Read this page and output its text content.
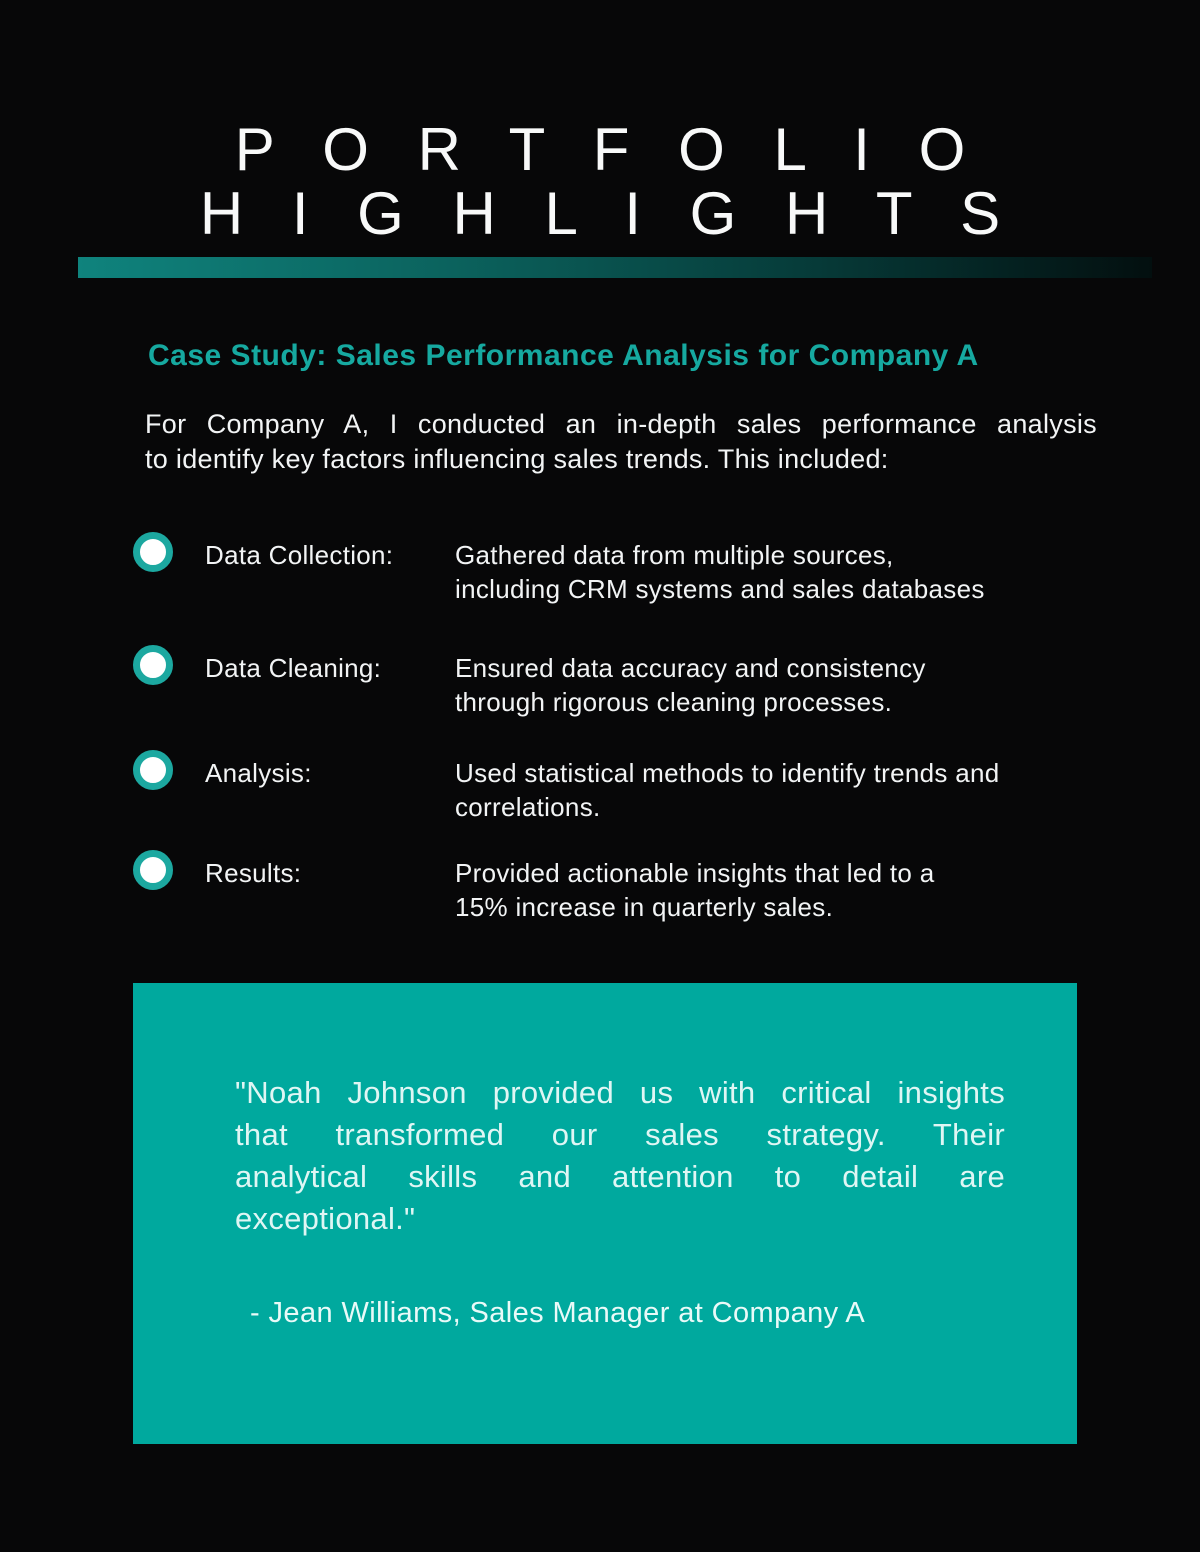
P O R T F O L I O
H I G H L I G H T S
Case Study: Sales Performance Analysis for Company A
For Company A, I conducted an in-depth sales performance analysis
to identify key factors influencing sales trends. This included:
Data Collection:	Gathered data from multiple sources,
including CRM systems and sales databases
Data Cleaning:	Ensured data accuracy and consistency
through rigorous cleaning processes.
Analysis:	Used statistical methods to identify trends and
correlations.
Results:	Provided actionable insights that led to a
15% increase in quarterly sales.
"Noah Johnson provided us with critical insights
that transformed our sales strategy. Their
analytical skills and attention to detail are
exceptional."
- Jean Williams, Sales Manager at Company A
